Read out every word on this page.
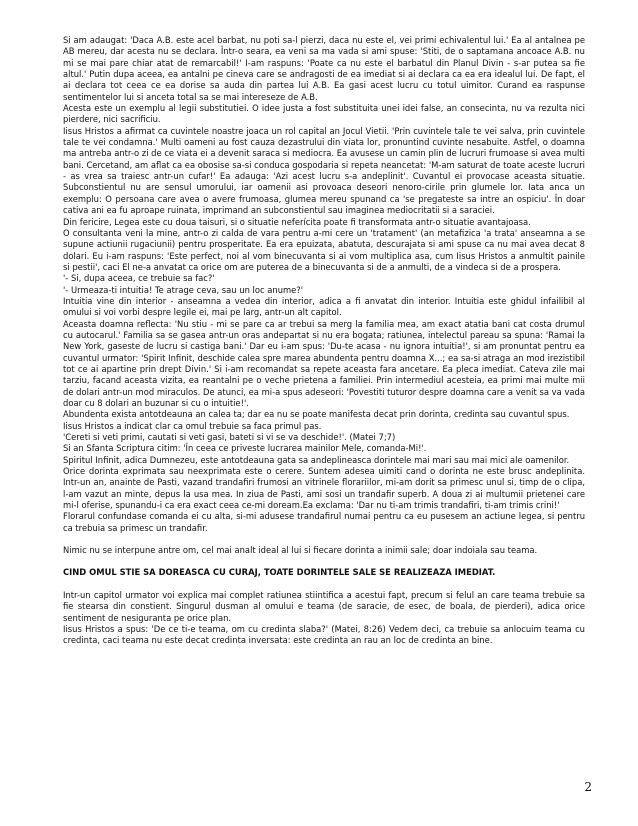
Si am adaugat: 'Daca A.B. este acel barbat, nu poti sa-l pierzi, daca nu este el, vei primi echivalentul lui.' Ea al antalnea pe AB mereu, dar acesta nu se declara. Într-o seara, ea veni sa ma vada si ami spuse: 'Stiti, de o saptamana ancoace A.B. nu mi se mai pare chiar atat de remarcabil!' I-am raspuns: 'Poate ca nu este el barbatul din Planul Divin - s-ar putea sa fie altul.' Putin dupa aceea, ea antalni pe cineva care se andragosti de ea imediat si ai declara ca ea era idealul lui. De fapt, el ai declara tot ceea ce ea dorise sa auda din partea lui A.B. Ea gasi acest lucru cu totul uimitor. Curand ea raspunse sentimentelor lui si anceta total sa se mai intereseze de A.B.

Acesta este un exemplu al legii substitutiei. O idee justa a fost substituita unei idei false, an consecinta, nu va rezulta nici pierdere, nici sacrificiu.

Iisus Hristos a afirmat ca cuvintele noastre joaca un rol capital an Jocul Vietii. 'Prin cuvintele tale te vei salva, prin cuvintele tale te vei condamna.' Multi oameni au fost cauza dezastrului din viata lor, pronuntind cuvinte nesabuite. Astfel, o doamna ma antreba antr-o zi de ce viata ei a devenit saraca si mediocra. Ea avusese un camin plin de lucruri frumoase si avea multi bani. Cercetand, am aflat ca ea obosise sa-si conduca gospodaria si repeta neancetat: 'M-am saturat de toate aceste lucruri - as vrea sa traiesc antr-un cufar!' Ea adauga: 'Azi acest lucru s-a andeplinit'. Cuvantul ei provocase aceasta situatie. Subconstientul nu are sensul umorului, iar oamenii asi provoaca deseori nenoro-cirile prin glumele lor. Iata anca un exemplu: O persoana care avea o avere frumoasa, glumea mereu spunand ca 'se pregateste sa intre an ospiciu'. În doar cativa ani ea fu aproape ruinata, imprimand an subconstientul sau imaginea mediocritatii si a saraciei.

Din fericire, Legea este cu doua taisuri, si o situatie neferícita poate fi transformata antr-o situatie avantajoasa.

O consultanta veni la mine, antr-o zi calda de vara pentru a-mi cere un 'tratament' (an metafizica 'a trata' anseamna a se supune actiunii rugaciunii) pentru prosperitate. Ea era epuizata, abatuta, descurajata si ami spuse ca nu mai avea decat 8 dolari. Eu i-am raspuns: 'Este perfect, noi al vom binecuvanta si ai vom multiplica asa, cum Iisus Hristos a anmultit painile si pestii', caci El ne-a anvatat ca orice om are puterea de a binecuvanta si de a anmulti, de a vindeca si de a prospera.

'- Si, dupa aceea, ce trebuie sa fac?'

'- Urmeaza-ti intuitia! Te atrage ceva, sau un loc anume?'

Intuitia vine din interior - anseamna a vedea din interior, adica a fi anvatat din interior. Intuitia este ghidul infailibil al omului si voi vorbi despre legile ei, mai pe larg, antr-un alt capitol.

Aceasta doamna reflecta: 'Nu stiu - mi se pare ca ar trebui sa merg la familia mea, am exact atatia bani cat costa drumul cu autocarul.' Familia sa se gasea antr-un oras andepartat si nu era bogata; ratiunea, intelectul pareau sa spuna: 'Ramai la New York, gaseste de lucru si castiga bani.' Dar eu i-am spus: 'Du-te acasa - nu ignora intuitia!', si am pronuntat pentru ea cuvantul urmator: 'Spirit Infinit, deschide calea spre marea abundenta pentru doamna X...; ea sa-si atraga an mod irezistibil tot ce ai apartine prin drept Divin.' Si i-am recomandat sa repete aceasta fara ancetare. Ea pleca imediat. Cateva zile mai tarziu, facand aceasta vizita, ea reantalni pe o veche prietena a familiei. Prin intermediul acesteia, ea primi mai multe mii de dolari antr-un mod miraculos. De atunci, ea mi-a spus adeseori: 'Povestiti tuturor despre doamna care a venit sa va vada doar cu 8 dolari an buzunar si cu o intuitie!'.

Abundenta exista antotdeauna an calea ta; dar ea nu se poate manifesta decat prin dorinta, credinta sau cuvantul spus.

Iisus Hristos a indicat clar ca omul trebuie sa faca primul pas.

'Cereti si veti primi, cautati si veti gasi, bateti si vi se va deschide!'. (Matei 7;7)

Si an Sfanta Scriptura citim: 'În ceea ce priveste lucrarea mainilor Mele, comanda-Mi!'.

Spiritul Infinit, adica Dumnezeu, este antotdeauna gata sa andeplineasca dorintele mai mari sau mai mici ale oamenilor.

Orice dorinta exprimata sau neexprimata este o cerere. Suntem adesea uimiti cand o dorinta ne este brusc andeplinita. Intr-un an, anainte de Pasti, vazand trandafiri frumosi an vitrinele florariilor, mi-am dorit sa primesc unul si, timp de o clipa, l-am vazut an minte, depus la usa mea. In ziua de Pasti, ami sosi un trandafir superb. A doua zi ai multumii prietenei care mi-l oferise, spunandu-i ca era exact ceea ce-mi doream.Ea exclama: 'Dar nu ti-am trimis trandafiri, ti-am trimis crini!'

Florarul confundase comanda ei cu alta, si-mi adusese trandafirul numai pentru ca eu pusesem an actiune legea, si pentru ca trebuia sa primesc un trandafir.

Nimic nu se interpune antre om, cel mai analt ideal al lui si fiecare dorinta a inimii sale; doar indoiala sau teama.

CIND OMUL STIE SA DOREASCA CU CURAJ, TOATE DORINTELE SALE SE REALIZEAZA IMEDIAT.

Intr-un capitol urmator voi explica mai complet ratiunea stiintifica a acestui fapt, precum si felul an care teama trebuie sa fie stearsa din constient. Singurul dusman al omului e teama (de saracie, de esec, de boala, de pierderi), adica orice sentiment de nesiguranta pe orice plan.

Iisus Hristos a spus: 'De ce ti-e teama, om cu credinta slaba?' (Matei, 8:26) Vedem deci, ca trebuie sa anlocuim teama cu credinta, caci teama nu este decat credinta inversata: este credinta an rau an loc de credinta an bine.

2
